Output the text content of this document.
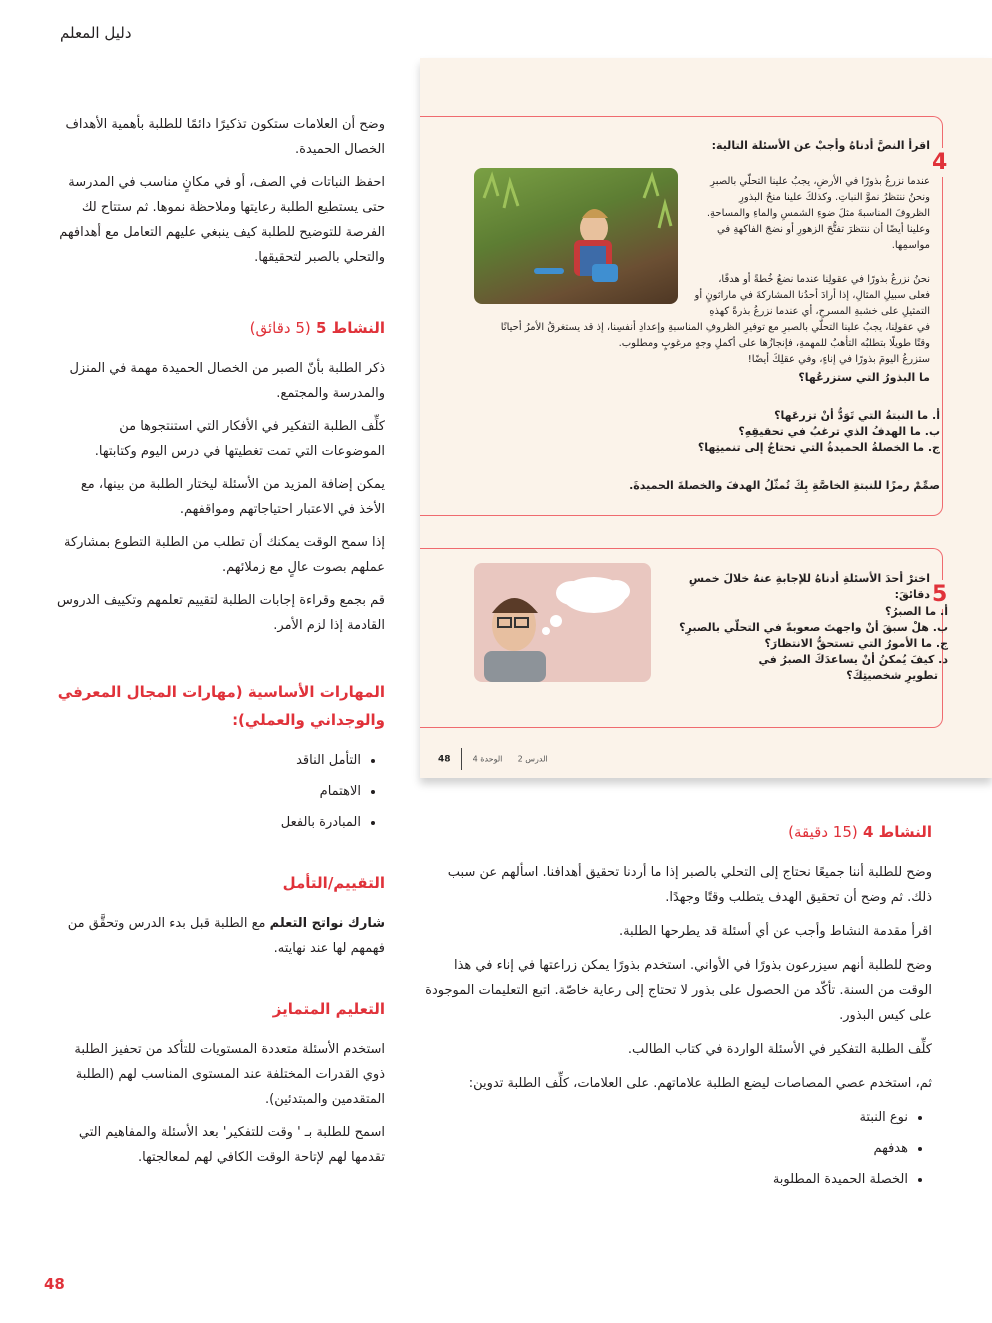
دليل المعلم

وضح أن العلامات ستكون تذكيرًا دائمًا للطلبة بأهمية الأهداف الخصال الحميدة.

احفظ النباتات في الصف، أو في مكانٍ مناسب في المدرسة حتى يستطيع الطلبة رعايتها وملاحظة نموها. ثم ستتاح لك الفرصة للتوضيح للطلبة كيف ينبغي عليهم التعامل مع أهدافهم والتحلي بالصبر لتحقيقها.

النشاط 5 (5 دقائق)

ذكر الطلبة بأنّ الصبر من الخصال الحميدة مهمة في المنزل والمدرسة والمجتمع.

كلِّف الطلبة التفكير في الأفكار التي استنتجوها من الموضوعات التي تمت تغطيتها في درس اليوم وكتابتها.

يمكن إضافة المزيد من الأسئلة ليختار الطلبة من بينها، مع الأخذ في الاعتبار احتياجاتهم ومواقفهم.

إذا سمح الوقت يمكنك أن تطلب من الطلبة التطوع بمشاركة عملهم بصوت عالٍ مع زملائهم.

قم بجمع وقراءة إجابات الطلبة لتقييم تعلمهم وتكييف الدروس القادمة إذا لزم الأمر.

المهارات الأساسية (مهارات المجال المعرفي والوجداني والعملي):
• التأمل الناقد
• الاهتمام
• المبادرة بالفعل
التقييم/التأمل

شارك نواتج التعلم مع الطلبة قبل بدء الدرس وتحقَّق من فهمهم لها عند نهايته.

التعليم المتمايز

استخدم الأسئلة متعددة المستويات للتأكد من تحفيز الطلبة ذوي القدرات المختلفة عند المستوى المناسب لهم (الطلبة المتقدمين والمبتدئين).

اسمح للطلبة بـ ' وقت للتفكير' بعد الأسئلة والمفاهيم التي تقدمها لهم لإتاحة الوقت الكافي لهم لمعالجتها.

4
اقرأ النصَّ أدناهُ وأجبْ عن الأسئلة التالية:
عندما نزرعُ بذورًا في الأرضِ، يجبُ علينا التحلّي بالصبرِ
ونحنُ ننتظرُ نموَّ النباتِ. وكذلكَ علينا منحُ البذورِ
الظروفَ المناسبةَ مثلَ ضوءِ الشمسِ والماءِ والمساحةِ.
وعلينا أيضًا أن ننتظرَ تفتُّحَ الزهورِ أو نضجَ الفاكهةِ في
مواسمِها.
نحنُ نزرعُ بذورًا في عقولِنا عندما نضعُ خُطةً أو هدفًا،
فعلى سبيلِ المثالِ، إذا أرادَ أحدُنا المشاركةَ في ماراثونٍ أو
التمثيلِ على خشبةِ المسرحِ، أي عندما نزرعُ بذرةً كهذهِ
في عقولِنا، يجبُ علينا التحلّي بالصبرِ مع توفيرِ الظروفِ المناسبةِ وإعدادِ أنفسِنا، إذ قد يستغرقُ الأمرُ أحيانًا
وقتًا طويلًا بتطلبُه التأهبُ للمهمةِ، فإنجازُها على أكملِ وجهٍ مرغوبٍ ومطلوب.
ستزرعُ اليومَ بذورًا في إناءٍ، وفي عقلِكَ أيضًا!
ما البذورُ التي ستزرعُها؟
أ. ما النبتةُ التي تَوَدُّ أنْ تزرعَها؟
ب. ما الهدفُ الذي ترغبُ في تحقيقِهِ؟
ج. ما الخصلةُ الحميدةُ التي تحتاجُ إلى تنميتِها؟
صمِّمْ رمزًا للنبتةِ الخاصَّةِ بِكَ تُمثّلُ الهدفَ والخصلةَ الحميدةَ.
5
اخترْ أحدَ الأسئلةِ أدناهُ للإجابةِ عنهُ خلالَ خمسِ دقائقَ:
أ. ما الصبرُ؟
ب. هلْ سبقَ أنْ واجهتَ صعوبةً في التحلّي بالصبرِ؟
ج. ما الأمورُ التي تستحقُّ الانتظارَ؟
د. كيفَ يُمكنُ أنْ يساعدَكَ الصبرُ في
تطويرِ شخصيتِكَ؟
48	الدرس 2      الوحدة 4
النشاط 4 (15 دقيقة)

وضح للطلبة أننا جميعًا نحتاج إلى التحلي بالصبر إذا ما أردنا تحقيق أهدافنا. اسألهم عن سبب ذلك. ثم وضح أن تحقيق الهدف يتطلب وقتًا وجهدًا.

اقرأ مقدمة النشاط وأجب عن أي أسئلة قد يطرحها الطلبة.

وضح للطلبة أنهم سيزرعون بذورًا في الأواني. استخدم بذورًا يمكن زراعتها في إناء في هذا الوقت من السنة. تأكّد من الحصول على بذور لا تحتاج إلى رعاية خاصّة. اتبع التعليمات الموجودة على كيس البذور.

كلِّف الطلبة التفكير في الأسئلة الواردة في كتاب الطالب.

ثم، استخدم عصي المصاصات ليضع الطلبة علاماتهم. على العلامات، كلِّف الطلبة تدوين:

• نوع النبتة
• هدفهم
• الخصلة الحميدة المطلوبة
48
